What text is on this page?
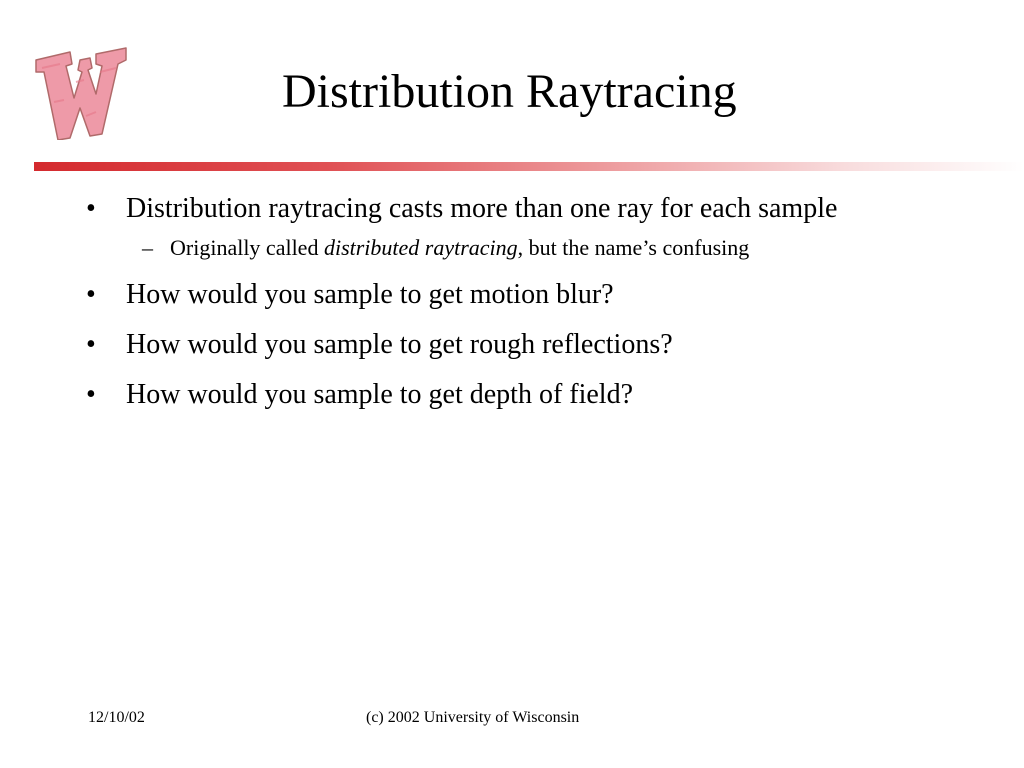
Distribution Raytracing
•	Distribution raytracing casts more than one ray for each sample
– Originally called distributed raytracing, but the name’s confusing
•	How would you sample to get motion blur?
•	How would you sample to get rough reflections?
•	How would you sample to get depth of field?
12/10/02	(c) 2002 University of Wisconsin
